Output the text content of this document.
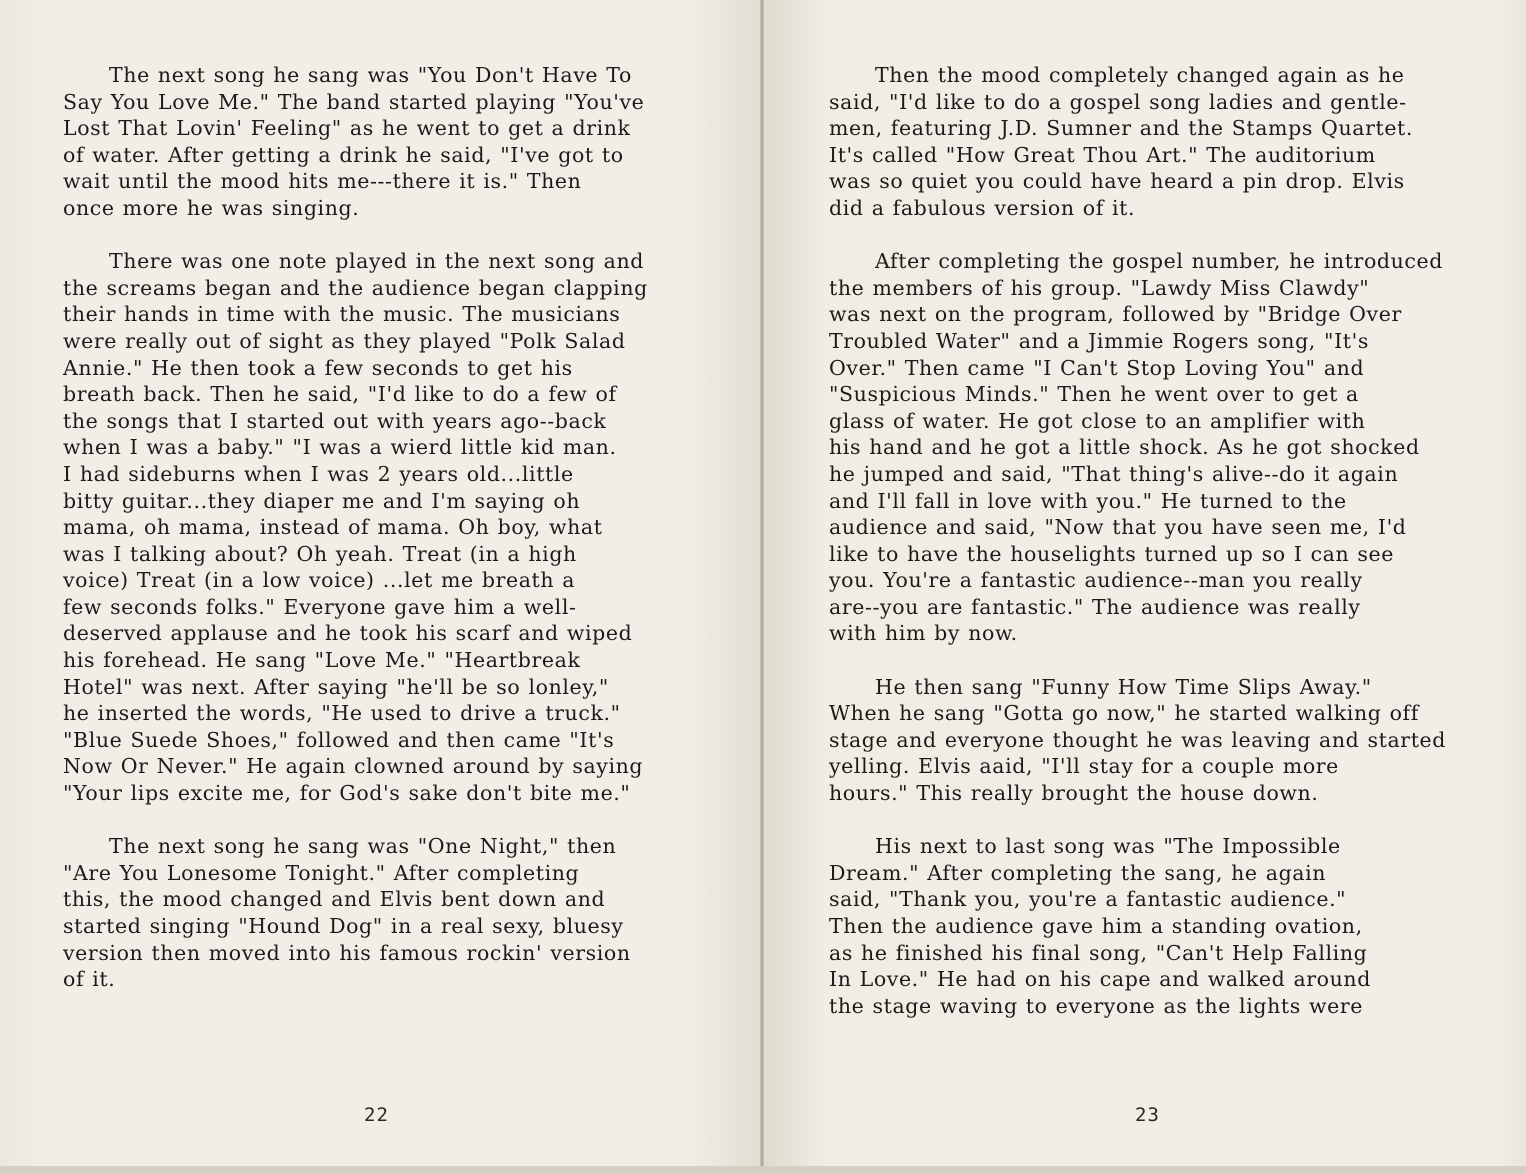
The next song he sang was "You Don't Have To
Say You Love Me." The band started playing "You've
Lost That Lovin' Feeling" as he went to get a drink
of water. After getting a drink he said, "I've got to
wait until the mood hits me---there it is." Then
once more he was singing.
There was one note played in the next song and
the screams began and the audience began clapping
their hands in time with the music. The musicians
were really out of sight as they played "Polk Salad
Annie." He then took a few seconds to get his
breath back. Then he said, "I'd like to do a few of
the songs that I started out with years ago--back
when I was a baby." "I was a wierd little kid man.
I had sideburns when I was 2 years old...little
bitty guitar...they diaper me and I'm saying oh
mama, oh mama, instead of mama. Oh boy, what
was I talking about? Oh yeah. Treat (in a high
voice) Treat (in a low voice) ...let me breath a
few seconds folks." Everyone gave him a well-
deserved applause and he took his scarf and wiped
his forehead. He sang "Love Me." "Heartbreak
Hotel" was next. After saying "he'll be so lonley,"
he inserted the words, "He used to drive a truck."
"Blue Suede Shoes," followed and then came "It's
Now Or Never." He again clowned around by saying
"Your lips excite me, for God's sake don't bite me."
The next song he sang was "One Night," then
"Are You Lonesome Tonight." After completing
this, the mood changed and Elvis bent down and
started singing "Hound Dog" in a real sexy, bluesy
version then moved into his famous rockin' version
of it.
22
Then the mood completely changed again as he
said, "I'd like to do a gospel song ladies and gentle-
men, featuring J.D. Sumner and the Stamps Quartet.
It's called "How Great Thou Art." The auditorium
was so quiet you could have heard a pin drop. Elvis
did a fabulous version of it.
After completing the gospel number, he introduced
the members of his group. "Lawdy Miss Clawdy"
was next on the program, followed by "Bridge Over
Troubled Water" and a Jimmie Rogers song, "It's
Over." Then came "I Can't Stop Loving You" and
"Suspicious Minds." Then he went over to get a
glass of water. He got close to an amplifier with
his hand and he got a little shock. As he got shocked
he jumped and said, "That thing's alive--do it again
and I'll fall in love with you." He turned to the
audience and said, "Now that you have seen me, I'd
like to have the houselights turned up so I can see
you. You're a fantastic audience--man you really
are--you are fantastic." The audience was really
with him by now.
He then sang "Funny How Time Slips Away."
When he sang "Gotta go now," he started walking off
stage and everyone thought he was leaving and started
yelling. Elvis aaid, "I'll stay for a couple more
hours." This really brought the house down.
His next to last song was "The Impossible
Dream." After completing the sang, he again
said, "Thank you, you're a fantastic audience."
Then the audience gave him a standing ovation,
as he finished his final song, "Can't Help Falling
In Love." He had on his cape and walked around
the stage waving to everyone as the lights were
23
